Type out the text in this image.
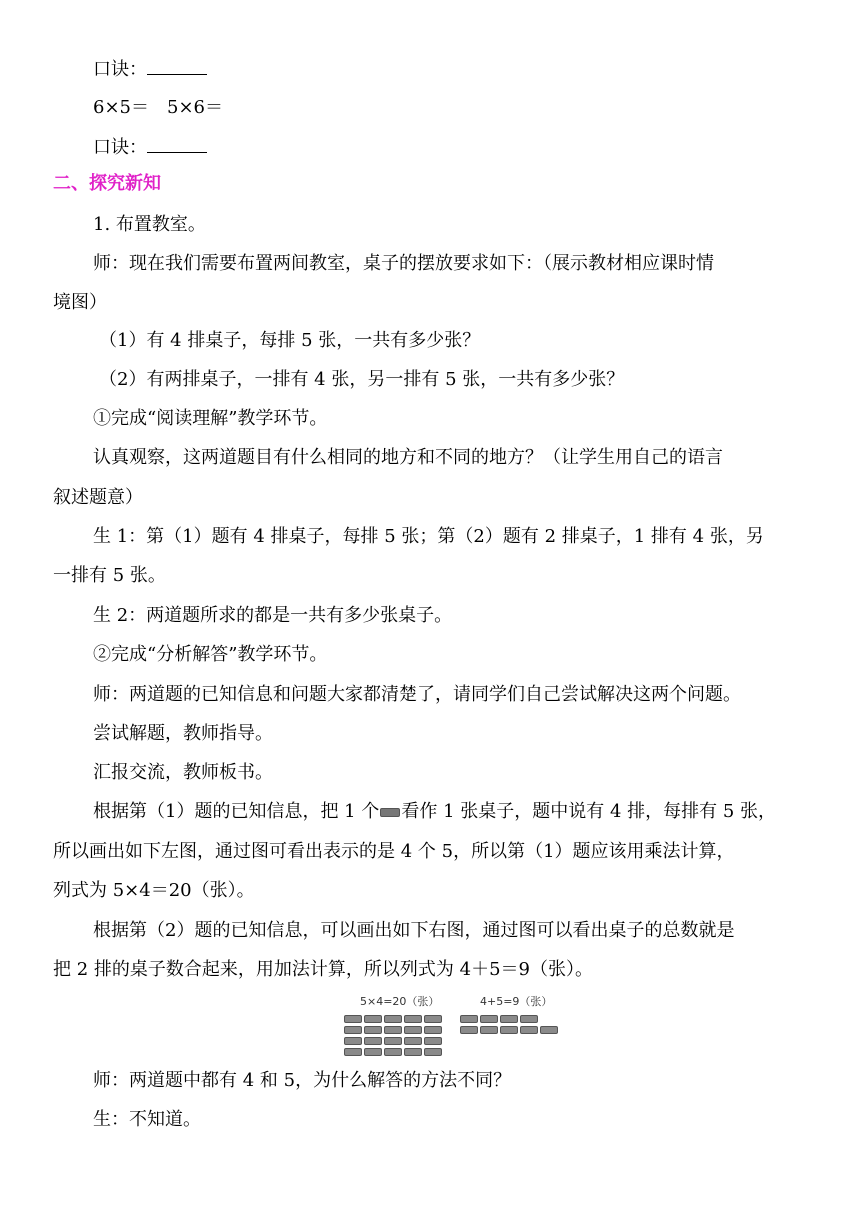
口诀：
6×5＝　5×6＝
口诀：
二、探究新知
1. 布置教室。
师：现在我们需要布置两间教室，桌子的摆放要求如下：（展示教材相应课时情
境图）
（1）有 4 排桌子，每排 5 张，一共有多少张？
（2）有两排桌子，一排有 4 张，另一排有 5 张，一共有多少张？
①完成“阅读理解”教学环节。
认真观察，这两道题目有什么相同的地方和不同的地方？（让学生用自己的语言
叙述题意）
生 1：第（1）题有 4 排桌子，每排 5 张；第（2）题有 2 排桌子，1 排有 4 张，另
一排有 5 张。
生 2：两道题所求的都是一共有多少张桌子。
②完成“分析解答”教学环节。
师：两道题的已知信息和问题大家都清楚了，请同学们自己尝试解决这两个问题。
尝试解题，教师指导。
汇报交流，教师板书。
根据第（1）题的已知信息，把 1 个 看作 1 张桌子，题中说有 4 排，每排有 5 张，
所以画出如下左图，通过图可看出表示的是 4 个 5，所以第（1）题应该用乘法计算，
列式为 5×4＝20（张）。
根据第（2）题的已知信息，可以画出如下右图，通过图可以看出桌子的总数就是
把 2 排的桌子数合起来，用加法计算，所以列式为 4＋5＝9（张）。
5×4=20（张）	4+5=9（张）
师：两道题中都有 4 和 5，为什么解答的方法不同？
生：不知道。
